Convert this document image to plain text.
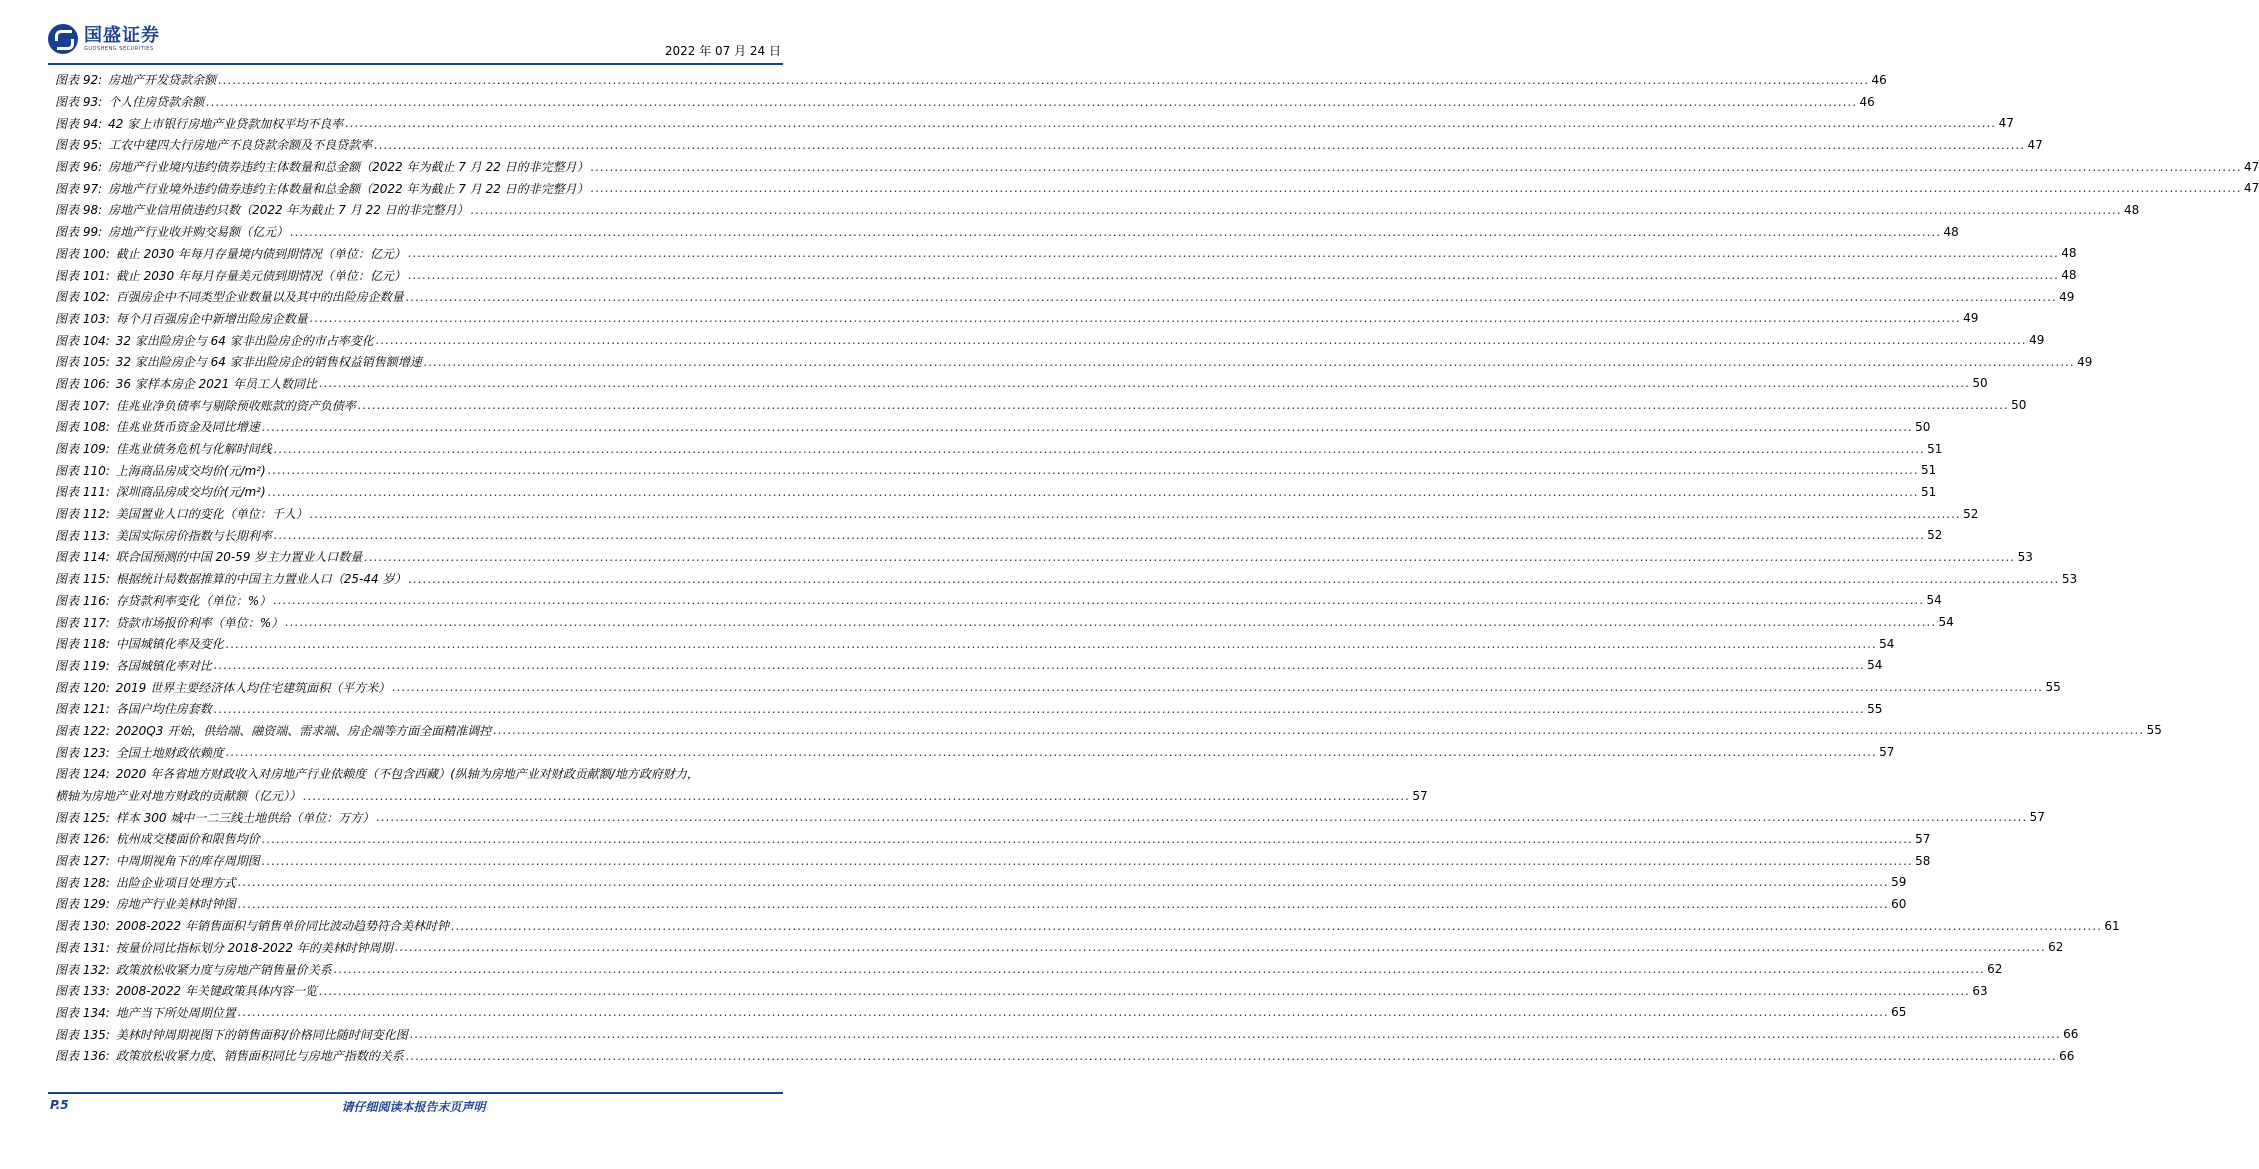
国盛证券
GUOSHENG SECURITIES	2022 年 07 月 24 日
图表 92: 房地产开发贷款余额 .....	46
图表 93: 个人住房贷款余额 .....	46
图表 94: 42 家上市银行房地产业贷款加权平均不良率 .....	47
图表 95: 工农中建四大行房地产不良贷款余额及不良贷款率 .....	47
图表 96: 房地产行业境内违约债券违约主体数量和总金额（2022 年为截止 7 月 22 日的非完整月） .....	47
图表 97: 房地产行业境外违约债券违约主体数量和总金额（2022 年为截止 7 月 22 日的非完整月） .....	47
图表 98: 房地产业信用债违约只数（2022 年为截止 7 月 22 日的非完整月） .....	48
图表 99: 房地产行业收并购交易额（亿元） .....	48
图表 100: 截止 2030 年每月存量境内债到期情况（单位：亿元） .....	48
图表 101: 截止 2030 年每月存量美元债到期情况（单位：亿元） .....	48
图表 102: 百强房企中不同类型企业数量以及其中的出险房企数量 .....	49
图表 103: 每个月百强房企中新增出险房企数量 .....	49
图表 104: 32 家出险房企与 64 家非出险房企的市占率变化 .....	49
图表 105: 32 家出险房企与 64 家非出险房企的销售权益销售额增速 .....	49
图表 106: 36 家样本房企 2021 年员工人数同比 .....	50
图表 107: 佳兆业净负债率与剔除预收账款的资产负债率 .....	50
图表 108: 佳兆业货币资金及同比增速 .....	50
图表 109: 佳兆业债务危机与化解时间线 .....	51
图表 110: 上海商品房成交均价(元/m²) .....	51
图表 111: 深圳商品房成交均价(元/m²) .....	51
图表 112: 美国置业人口的变化（单位：千人） .....	52
图表 113: 美国实际房价指数与长期利率 .....	52
图表 114: 联合国预测的中国 20-59 岁主力置业人口数量 .....	53
图表 115: 根据统计局数据推算的中国主力置业人口（25-44 岁） .....	53
图表 116: 存贷款利率变化（单位：%） .....	54
图表 117: 贷款市场报价利率（单位：%） .....	54
图表 118: 中国城镇化率及变化 .....	54
图表 119: 各国城镇化率对比 .....	54
图表 120: 2019 世界主要经济体人均住宅建筑面积（平方米） .....	55
图表 121: 各国户均住房套数 .....	55
图表 122: 2020Q3 开始，供给端、融资端、需求端、房企端等方面全面精准调控 .....	55
图表 123: 全国土地财政依赖度 .....	57
图表 124: 2020 年各省地方财政收入对房地产行业依赖度（不包含西藏）(纵轴为房地产业对财政贡献额/地方政府财力，
横轴为房地产业对地方财政的贡献额（亿元）） ...................................................................................................................................................................................................................................... 57
图表 125: 样本 300 城中一二三线土地供给（单位：万方） .....	57
图表 126: 杭州成交楼面价和限售均价 .....	57
图表 127: 中周期视角下的库存周期图 .....	58
图表 128: 出险企业项目处理方式 .....	59
图表 129: 房地产行业美林时钟图 .....	60
图表 130: 2008-2022 年销售面积与销售单价同比波动趋势符合美林时钟 .....	61
图表 131: 按量价同比指标划分 2018-2022 年的美林时钟周期 .....	62
图表 132: 政策放松收紧力度与房地产销售量价关系 .....	62
图表 133: 2008-2022 年关键政策具体内容一览 .....	63
图表 134: 地产当下所处周期位置 .....	65
图表 135: 美林时钟周期视图下的销售面积/价格同比随时间变化图 .....	66
图表 136: 政策放松收紧力度、销售面积同比与房地产指数的关系 .....	66
请仔细阅读本报告末页声明
P.5
